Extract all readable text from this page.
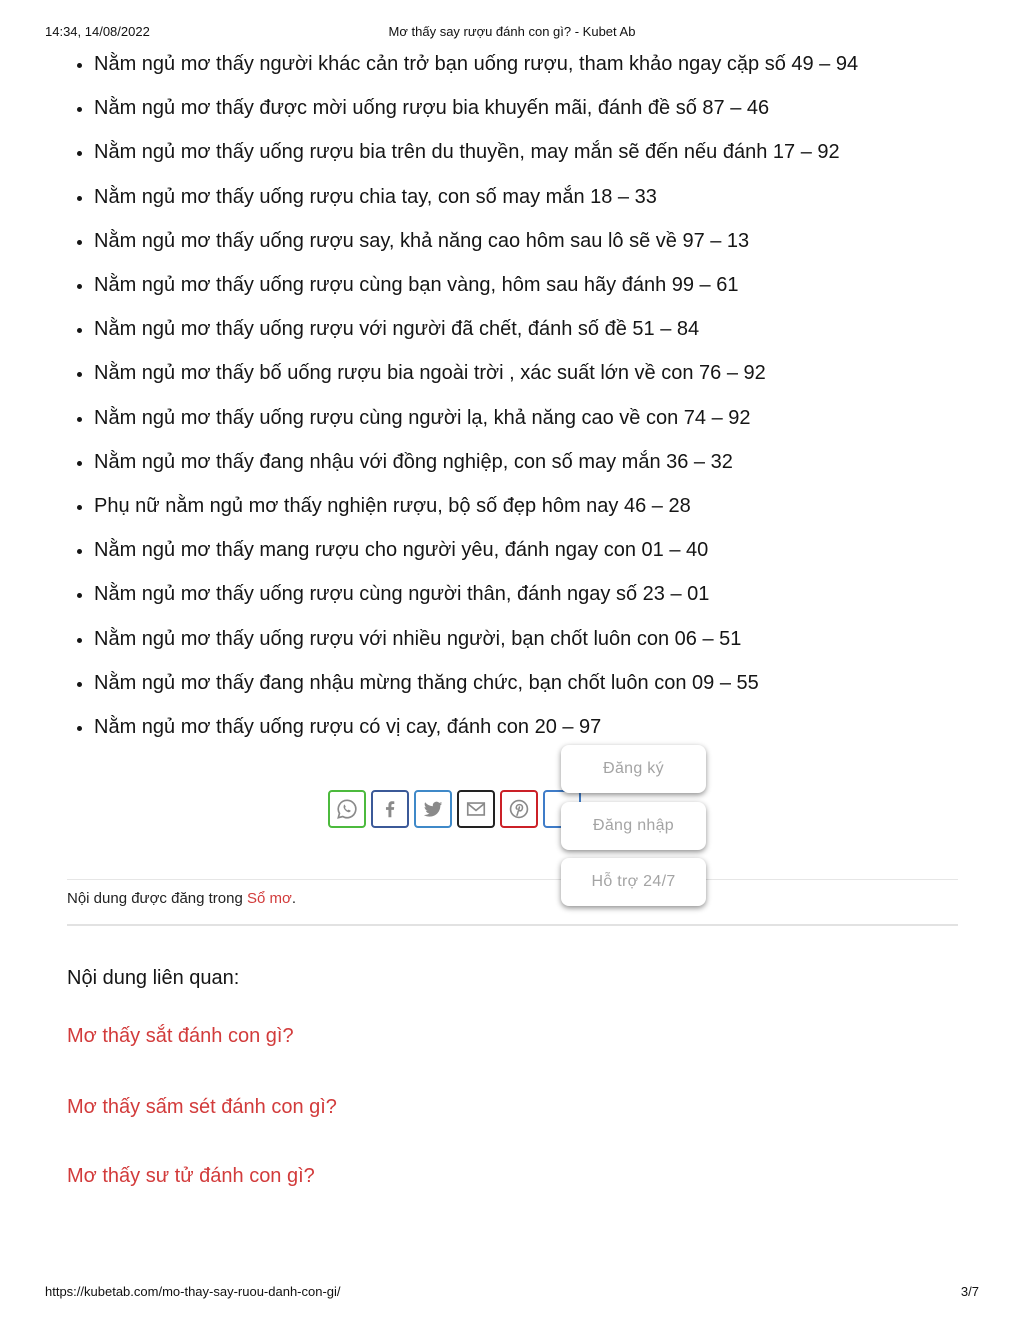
14:34, 14/08/2022	Mơ thấy say rượu đánh con gì? - Kubet Ab
• Nằm ngủ mơ thấy người khác cản trở bạn uống rượu, tham khảo ngay cặp số 49 – 94
• Nằm ngủ mơ thấy được mời uống rượu bia khuyến mãi, đánh đề số 87 – 46
• Nằm ngủ mơ thấy uống rượu bia trên du thuyền, may mắn sẽ đến nếu đánh 17 – 92
• Nằm ngủ mơ thấy uống rượu chia tay, con số may mắn 18 – 33
• Nằm ngủ mơ thấy uống rượu say, khả năng cao hôm sau lô sẽ về 97 – 13
• Nằm ngủ mơ thấy uống rượu cùng bạn vàng, hôm sau hãy đánh 99 – 61
• Nằm ngủ mơ thấy uống rượu với người đã chết, đánh số đề 51 – 84
• Nằm ngủ mơ thấy bố uống rượu bia ngoài trời , xác suất lớn về con 76 – 92
• Nằm ngủ mơ thấy uống rượu cùng người lạ, khả năng cao về con 74 – 92
• Nằm ngủ mơ thấy đang nhậu với đồng nghiệp, con số may mắn 36 – 32
• Phụ nữ nằm ngủ mơ thấy nghiện rượu, bộ số đẹp hôm nay 46 – 28
• Nằm ngủ mơ thấy mang rượu cho người yêu, đánh ngay con 01 – 40
• Nằm ngủ mơ thấy uống rượu cùng người thân, đánh ngay số 23 – 01
• Nằm ngủ mơ thấy uống rượu với nhiều người, bạn chốt luôn con 06 – 51
• Nằm ngủ mơ thấy đang nhậu mừng thăng chức, bạn chốt luôn con 09 – 55
• Nằm ngủ mơ thấy uống rượu có vị cay, đánh con 20 – 97
Nội dung được đăng trong Sổ mơ.
Nội dung liên quan:
Mơ thấy sắt đánh con gì?
Mơ thấy sấm sét đánh con gì?
Mơ thấy sư tử đánh con gì?
Đăng ký
Đăng nhập
Hỗ trợ 24/7
https://kubetab.com/mo-thay-say-ruou-danh-con-gi/	3/7
